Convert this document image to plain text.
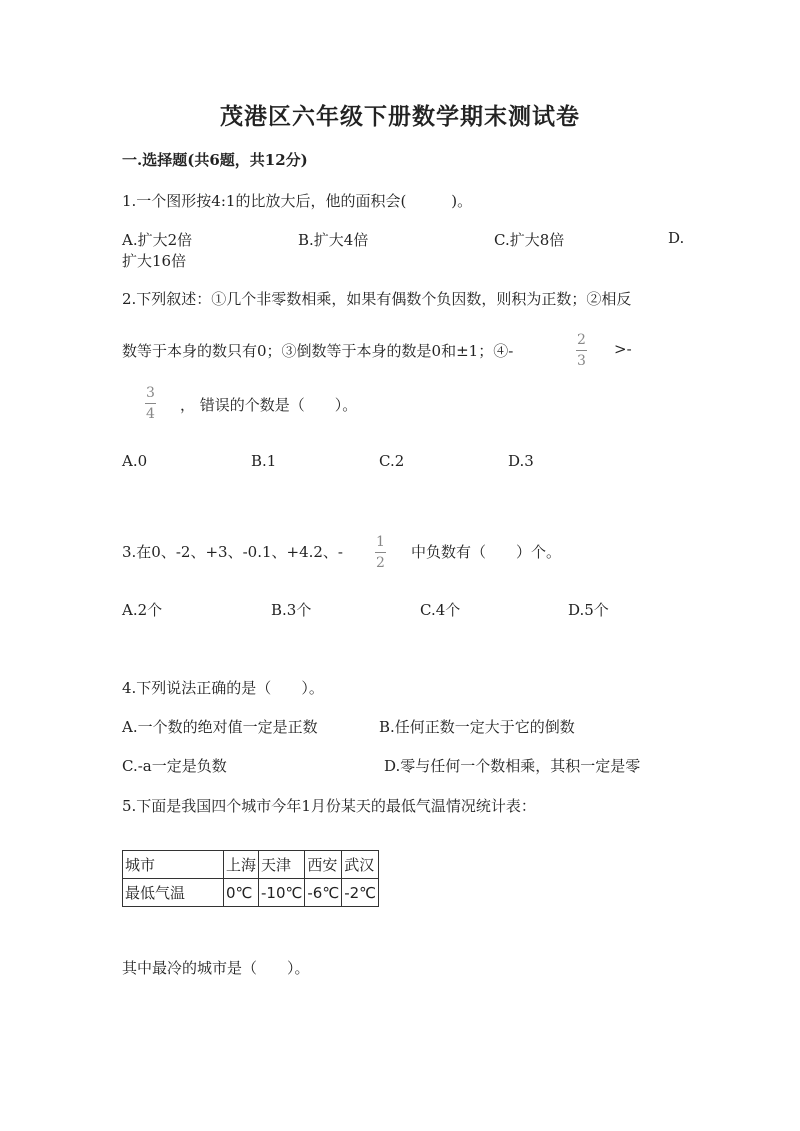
茂港区六年级下册数学期末测试卷
一.选择题(共6题，共12分)
1.一个图形按4:1的比放大后，他的面积会(　　　)。
A.扩大2倍	B.扩大4倍	C.扩大8倍	D.
扩大16倍
2.下列叙述：①几个非零数相乘，如果有偶数个负因数，则积为正数；②相反
数等于本身的数只有0；③倒数等于本身的数是0和±1；④-
2
3
>-
3
4 ， 错误的个数是（　　）。
A.0	B.1	C.2	D.3
3.在0、-2、+3、-0.1、+4.2、-
1
2
中负数有（　　）个。
A.2个	B.3个	C.4个	D.5个
4.下列说法正确的是（　　）。
A.一个数的绝对值一定是正数	B.任何正数一定大于它的倒数
C.-a一定是负数	D.零与任何一个数相乘，其积一定是零
5.下面是我国四个城市今年1月份某天的最低气温情况统计表：
城市	上海	天津	西安	武汉
最低气温	0℃	-10℃	-6℃	-2℃
其中最冷的城市是（　　）。
